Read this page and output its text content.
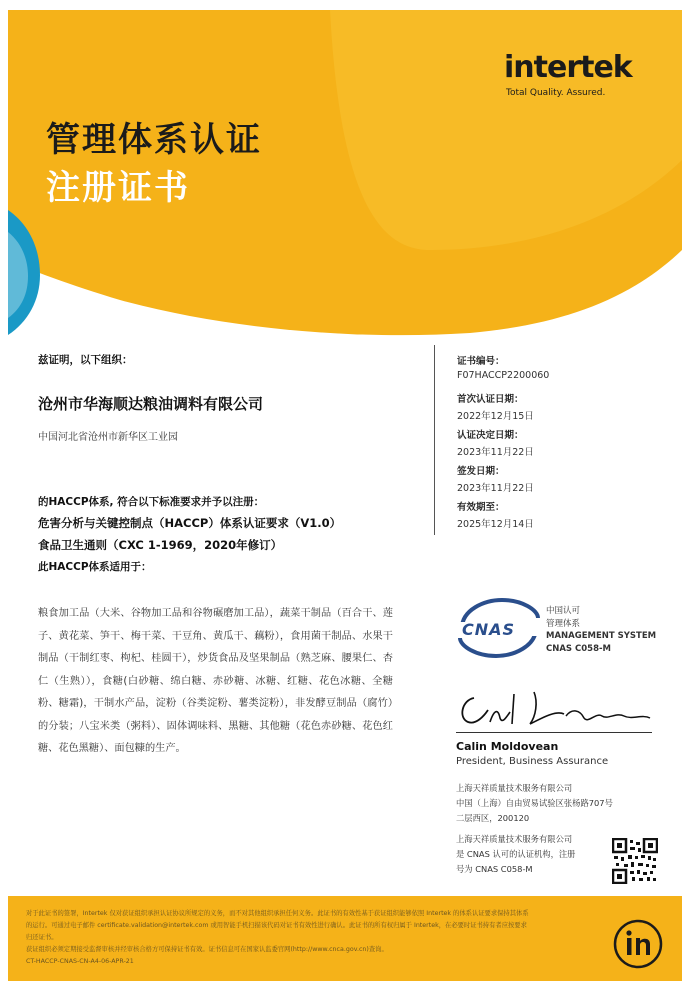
intertek
Total Quality. Assured.
管理体系认证
注册证书
兹证明，以下组织：
沧州市华海顺达粮油调料有限公司
中国河北省沧州市新华区工业园
的HACCP体系, 符合以下标准要求并予以注册：
危害分析与关键控制点（HACCP）体系认证要求（V1.0）
食品卫生通则（CXC 1-1969，2020年修订）
此HACCP体系适用于：
粮食加工品（大米、谷物加工品和谷物碾磨加工品），蔬菜干制品（百合干、莲子、黄花菜、笋干、梅干菜、干豆角、黄瓜干、藕粉），食用菌干制品、水果干制品（干制红枣、枸杞、桂圆干），炒货食品及坚果制品（熟芝麻、腰果仁、杏仁（生熟）），食糖(白砂糖、绵白糖、赤砂糖、冰糖、红糖、花色冰糖、全糖粉、糖霜)，干制水产品，淀粉（谷类淀粉、薯类淀粉），非发酵豆制品（腐竹）的分装；八宝米类（粥料）、固体调味料、黑糖、其他糖（花色赤砂糖、花色红糖、花色黑糖）、面包糠的生产。
证书编号：
F07HACCP2200060
首次认证日期：
2022年12月15日
认证决定日期：
2023年11月22日
签发日期：
2023年11月22日
有效期至：
2025年12月14日
CNAS
中国认可
管理体系
MANAGEMENT SYSTEM
CNAS C058-M
Calin Moldovean
President, Business Assurance
上海天祥质量技术服务有限公司
中国（上海）自由贸易试验区张杨路707号
二层西区，200120
上海天祥质量技术服务有限公司
是 CNAS 认可的认证机构，注册
号为 CNAS C058-M
对于此证书的签署，Intertek 仅对获证组织承担认证协议所规定的义务，而不对其他组织承担任何义务。此证书的有效性基于获证组织能够依照 Intertek 的体系认证要求保持其体系
的运行。可通过电子邮件 certificate.validation@intertek.com 或用智能手机扫描该代码对证书有效性进行确认。此证书的所有权归属于 Intertek，在必要时证书持有者应按要求
归还证书。
获证组织必须定期接受监督审核并经审核合格方可保持证书有效。证书信息可在国家认监委官网(http://www.cnca.gov.cn)查询。
CT-HACCP-CNAS-CN-A4-06-APR-21
